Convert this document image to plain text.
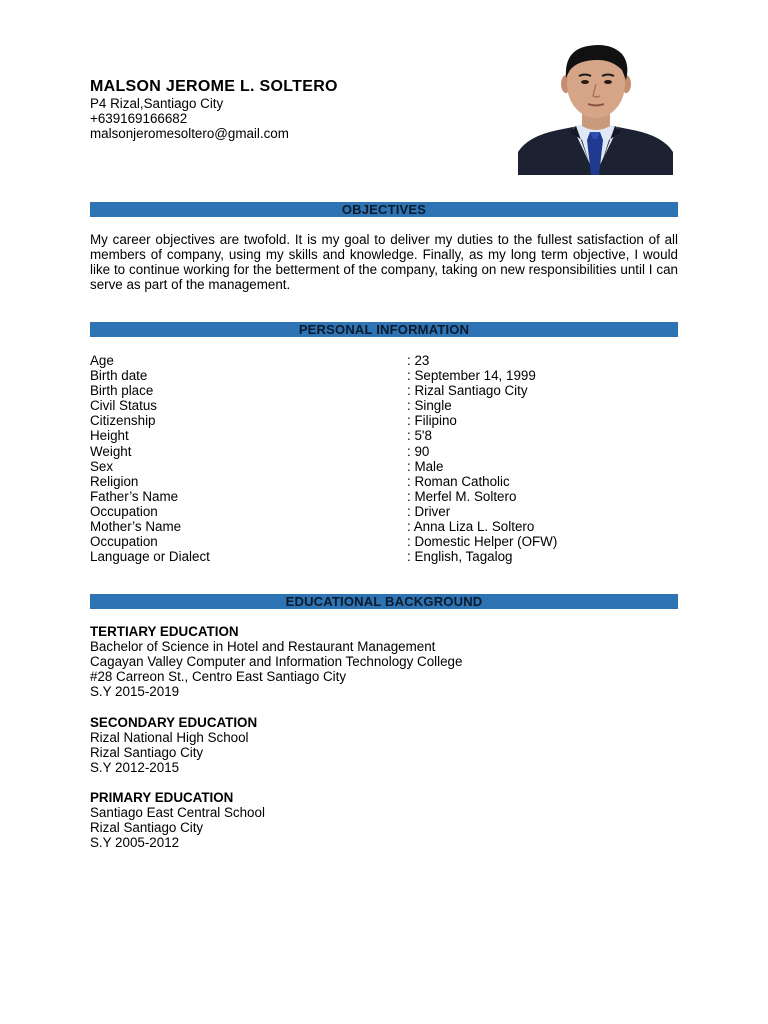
MALSON JEROME L. SOLTERO
P4 Rizal,Santiago City
+639169166682
malsonjeromesoltero@gmail.com
OBJECTIVES
My career objectives are twofold. It is my goal to deliver my duties to the fullest satisfaction of all members of company, using my skills and knowledge. Finally, as my long term objective, I would like to continue working for the betterment of the company, taking on new responsibilities until I can serve as part of the management.
PERSONAL INFORMATION
Age	: 23
Birth date	: September 14, 1999
Birth place	: Rizal Santiago City
Civil Status	: Single
Citizenship	: Filipino
Height	: 5'8
Weight	: 90
Sex	: Male
Religion	: Roman Catholic
Father’s Name	: Merfel M. Soltero
Occupation	: Driver
Mother’s Name	: Anna Liza L. Soltero
Occupation	: Domestic Helper (OFW)
Language or Dialect	: English, Tagalog
EDUCATIONAL BACKGROUND
TERTIARY EDUCATION
Bachelor of Science in Hotel and Restaurant Management
Cagayan Valley Computer and Information Technology College
#28 Carreon St., Centro East Santiago City
S.Y 2015-2019
SECONDARY EDUCATION
Rizal National High School
Rizal Santiago City
S.Y 2012-2015
PRIMARY EDUCATION
Santiago East Central School
Rizal Santiago City
S.Y 2005-2012
